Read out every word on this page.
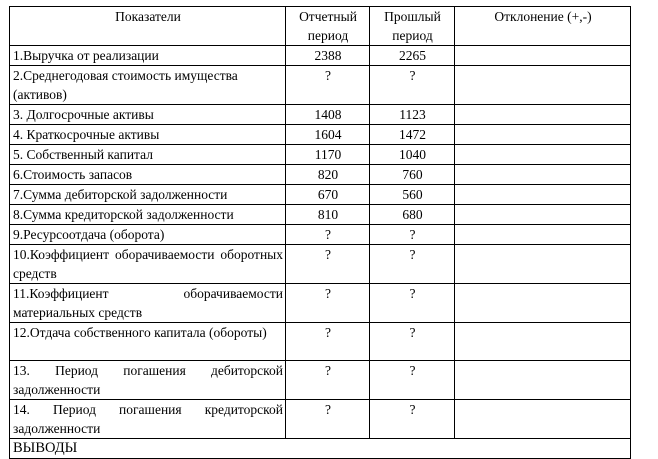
Показатели	Отчетный период	Прошлый период	Отклонение (+,-)
1.Выручка от реализации	2388	2265	
2.Среднегодовая стоимость имущества (активов)	?	?	
3. Долгосрочные активы	1408	1123	
4. Краткосрочные активы	1604	1472	
5. Собственный капитал	1170	1040	
6.Стоимость запасов	820	760	
7.Сумма дебиторской задолженности	670	560	
8.Сумма кредиторской задолженности	810	680	
9.Ресурсоотдача (оборота)	?	?	
10.Коэффициент оборачиваемости оборотных средств	?	?	
11.Коэффициент оборачиваемости материальных средств	?	?	
12.Отдача собственного капитала (обороты)	?	?	
13. Период погашения дебиторской задолженности	?	?	
14. Период погашения кредиторской задолженности	?	?	
ВЫВОДЫ			
